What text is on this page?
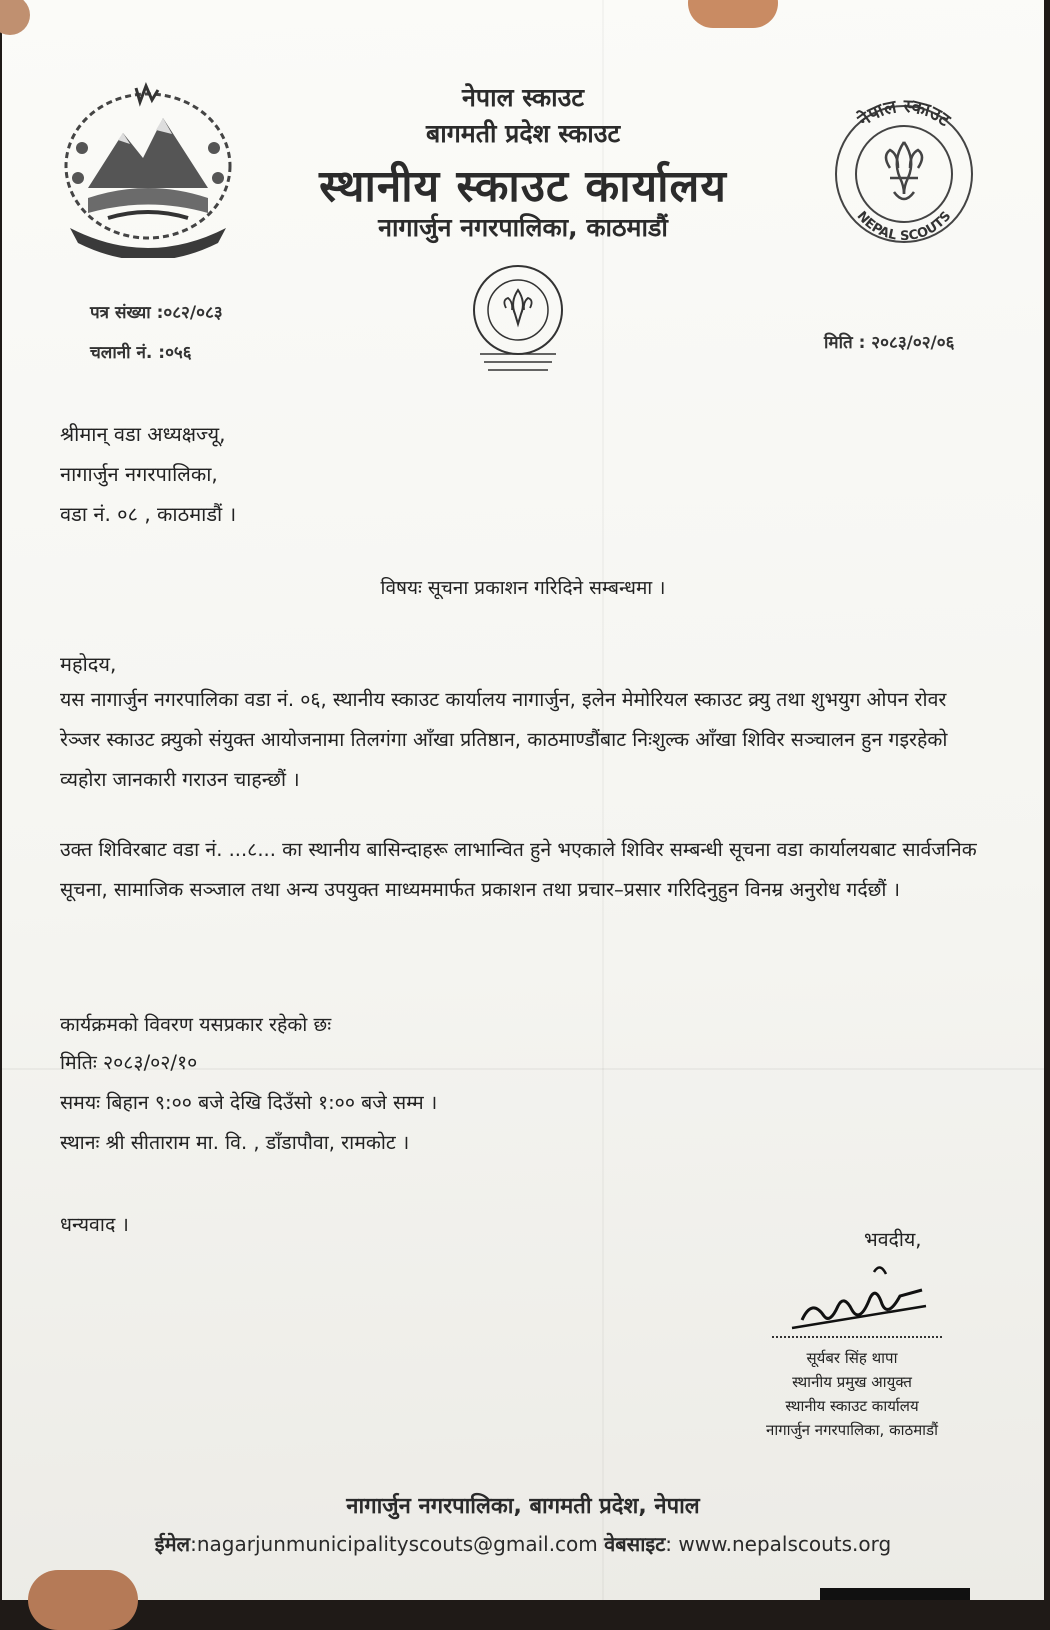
नेपाल स्काउट
बागमती प्रदेश स्काउट
स्थानीय स्काउट कार्यालय
नागार्जुन नगरपालिका, काठमाडौं
नेपाल स्काउट
NEPAL SCOUTS
पत्र संख्या :०८२/०८३
चलानी नं. :०५६	मिति : २०८३/०२/०६
श्रीमान् वडा अध्यक्षज्यू,
नागार्जुन नगरपालिका,
वडा नं. ०८ , काठमाडौं ।
विषयः सूचना प्रकाशन गरिदिने सम्बन्धमा ।
महोदय,
यस नागार्जुन नगरपालिका वडा नं. ०६, स्थानीय स्काउट कार्यालय नागार्जुन, इलेन मेमोरियल स्काउट क्र्यु तथा शुभयुग ओपन रोवर रेञ्जर स्काउट क्र्युको संयुक्त आयोजनामा तिलगंगा आँखा प्रतिष्ठान, काठमाण्डौंबाट निःशुल्क आँखा शिविर सञ्चालन हुन गइरहेको व्यहोरा जानकारी गराउन चाहन्छौं ।
उक्त शिविरबाट वडा नं. ...८... का स्थानीय बासिन्दाहरू लाभान्वित हुने भएकाले शिविर सम्बन्धी सूचना वडा कार्यालयबाट सार्वजनिक सूचना, सामाजिक सञ्जाल तथा अन्य उपयुक्त माध्यममार्फत प्रकाशन तथा प्रचार–प्रसार गरिदिनुहुन विनम्र अनुरोध गर्दछौं ।
कार्यक्रमको विवरण यसप्रकार रहेको छः
मितिः २०८३/०२/१०
समयः बिहान ९:०० बजे देखि दिउँसो १:०० बजे सम्म ।
स्थानः श्री सीताराम मा. वि. , डाँडापौवा, रामकोट ।
धन्यवाद ।
भवदीय,
सूर्यबर सिंह थापा
स्थानीय प्रमुख आयुक्त
स्थानीय स्काउट कार्यालय
नागार्जुन नगरपालिका, काठमाडौं
नागार्जुन नगरपालिका, बागमती प्रदेश, नेपाल
ईमेल:nagarjunmunicipalityscouts@gmail.com वेबसाइट: www.nepalscouts.org
